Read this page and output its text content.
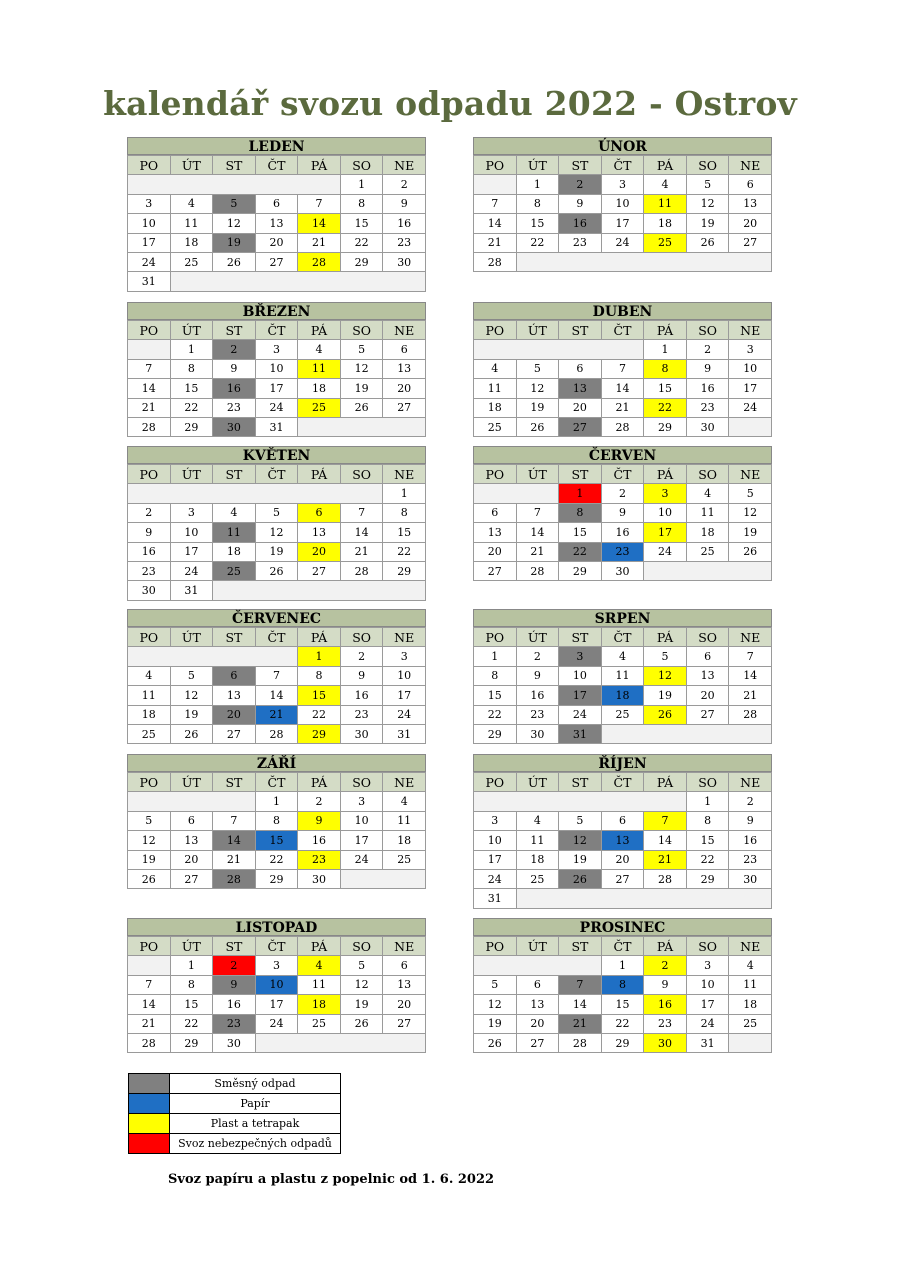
kalendář svozu odpadu 2022 - Ostrov
LEDEN
PO	ÚT	ST	ČT	PÁ	SO	NE
					1	2
3	4	5	6	7	8	9
10	11	12	13	14	15	16
17	18	19	20	21	22	23
24	25	26	27	28	29	30
31						
ÚNOR
PO	ÚT	ST	ČT	PÁ	SO	NE
	1	2	3	4	5	6
7	8	9	10	11	12	13
14	15	16	17	18	19	20
21	22	23	24	25	26	27
28						
BŘEZEN
PO	ÚT	ST	ČT	PÁ	SO	NE
	1	2	3	4	5	6
7	8	9	10	11	12	13
14	15	16	17	18	19	20
21	22	23	24	25	26	27
28	29	30	31			
DUBEN
PO	ÚT	ST	ČT	PÁ	SO	NE
				1	2	3
4	5	6	7	8	9	10
11	12	13	14	15	16	17
18	19	20	21	22	23	24
25	26	27	28	29	30	
KVĚTEN
PO	ÚT	ST	ČT	PÁ	SO	NE
						1
2	3	4	5	6	7	8
9	10	11	12	13	14	15
16	17	18	19	20	21	22
23	24	25	26	27	28	29
30	31					
ČERVEN
PO	ÚT	ST	ČT	PÁ	SO	NE
		1	2	3	4	5
6	7	8	9	10	11	12
13	14	15	16	17	18	19
20	21	22	23	24	25	26
27	28	29	30			
ČERVENEC
PO	ÚT	ST	ČT	PÁ	SO	NE
				1	2	3
4	5	6	7	8	9	10
11	12	13	14	15	16	17
18	19	20	21	22	23	24
25	26	27	28	29	30	31
SRPEN
PO	ÚT	ST	ČT	PÁ	SO	NE
1	2	3	4	5	6	7
8	9	10	11	12	13	14
15	16	17	18	19	20	21
22	23	24	25	26	27	28
29	30	31				
ZÁŘÍ
PO	ÚT	ST	ČT	PÁ	SO	NE
			1	2	3	4
5	6	7	8	9	10	11
12	13	14	15	16	17	18
19	20	21	22	23	24	25
26	27	28	29	30		
ŘÍJEN
PO	ÚT	ST	ČT	PÁ	SO	NE
					1	2
3	4	5	6	7	8	9
10	11	12	13	14	15	16
17	18	19	20	21	22	23
24	25	26	27	28	29	30
31						
LISTOPAD
PO	ÚT	ST	ČT	PÁ	SO	NE
	1	2	3	4	5	6
7	8	9	10	11	12	13
14	15	16	17	18	19	20
21	22	23	24	25	26	27
28	29	30				
PROSINEC
PO	ÚT	ST	ČT	PÁ	SO	NE
			1	2	3	4
5	6	7	8	9	10	11
12	13	14	15	16	17	18
19	20	21	22	23	24	25
26	27	28	29	30	31	
	Směsný odpad
	Papír
	Plast a tetrapak
	Svoz nebezpečných odpadů
Svoz papíru a plastu z popelnic od 1. 6. 2022
